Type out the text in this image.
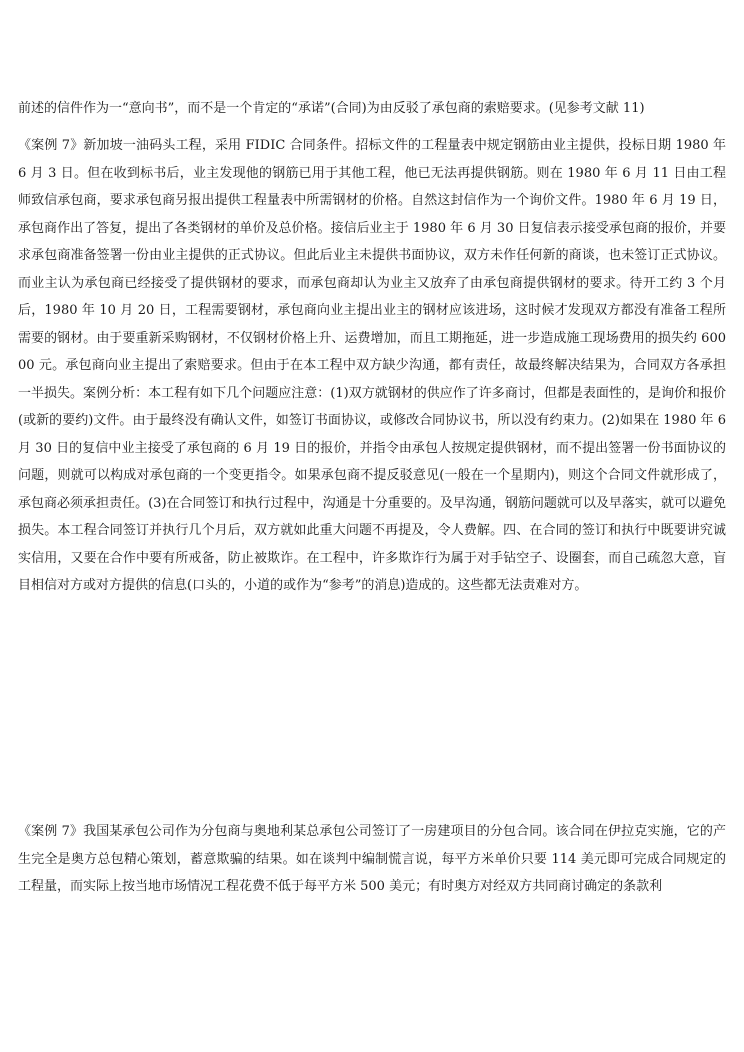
前述的信件作为一“意向书”，而不是一个肯定的“承诺”(合同)为由反驳了承包商的索赔要求。(见参考文献 11)

《案例 7》新加坡一油码头工程，采用 FIDIC 合同条件。招标文件的工程量表中规定钢筋由业主提供，投标日期 1980 年 6 月 3 日。但在收到标书后，业主发现他的钢筋已用于其他工程，他已无法再提供钢筋。则在 1980 年 6 月 11 日由工程师致信承包商，要求承包商另报出提供工程量表中所需钢材的价格。自然这封信作为一个询价文件。1980 年 6 月 19 日，承包商作出了答复，提出了各类钢材的单价及总价格。接信后业主于 1980 年 6 月 30 日复信表示接受承包商的报价，并要求承包商准备签署一份由业主提供的正式协议。但此后业主未提供书面协议，双方未作任何新的商谈，也未签订正式协议。而业主认为承包商已经接受了提供钢材的要求，而承包商却认为业主又放弃了由承包商提供钢材的要求。待开工约 3 个月后，1980 年 10 月 20 日，工程需要钢材，承包商向业主提出业主的钢材应该进场，这时候才发现双方都没有准备工程所需要的钢材。由于要重新采购钢材，不仅钢材价格上升、运费增加，而且工期拖延，进一步造成施工现场费用的损失约 60000 元。承包商向业主提出了索赔要求。但由于在本工程中双方缺少沟通，都有责任，故最终解决结果为，合同双方各承担一半损失。案例分析：本工程有如下几个问题应注意：(1)双方就钢材的供应作了许多商讨，但都是表面性的，是询价和报价(或新的要约)文件。由于最终没有确认文件，如签订书面协议，或修改合同协议书，所以没有约束力。(2)如果在 1980 年 6 月 30 日的复信中业主接受了承包商的 6 月 19 日的报价，并指令由承包人按规定提供钢材，而不提出签署一份书面协议的问题，则就可以构成对承包商的一个变更指令。如果承包商不提反驳意见(一般在一个星期内)，则这个合同文件就形成了，承包商必须承担责任。(3)在合同签订和执行过程中，沟通是十分重要的。及早沟通，钢筋问题就可以及早落实，就可以避免损失。本工程合同签订并执行几个月后，双方就如此重大问题不再提及，令人费解。四、在合同的签订和执行中既要讲究诚实信用，又要在合作中要有所戒备，防止被欺诈。在工程中，许多欺诈行为属于对手钻空子、设圈套，而自己疏忽大意，盲目相信对方或对方提供的信息(口头的，小道的或作为“参考”的消息)造成的。这些都无法责难对方。

《案例 7》我国某承包公司作为分包商与奥地利某总承包公司签订了一房建项目的分包合同。该合同在伊拉克实施，它的产生完全是奥方总包精心策划，蓄意欺骗的结果。如在谈判中编制慌言说，每平方米单价只要 114 美元即可完成合同规定的工程量，而实际上按当地市场情况工程花费不低于每平方米 500 美元；有时奥方对经双方共同商讨确定的条款利
